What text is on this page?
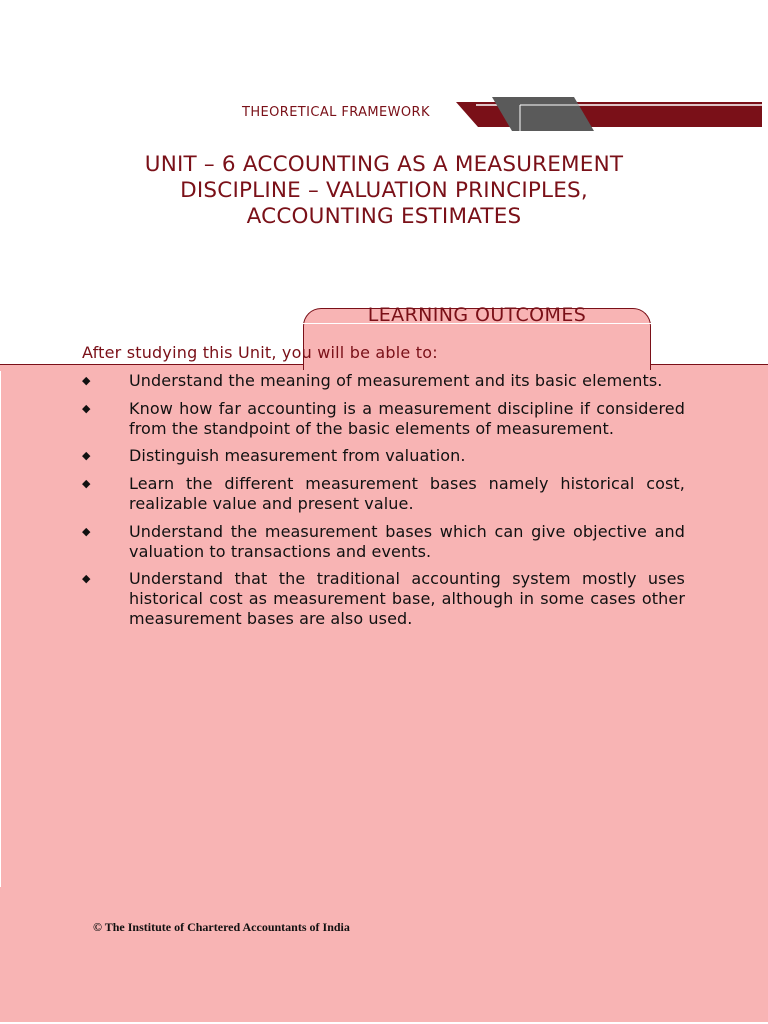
THEORETICAL FRAMEWORK
UNIT – 6 ACCOUNTING AS A MEASUREMENT
DISCIPLINE – VALUATION PRINCIPLES,
ACCOUNTING ESTIMATES
LEARNING OUTCOMES
After studying this Unit, you will be able to:
◆ Understand the meaning of measurement and its basic elements.
◆ Know how far accounting is a measurement discipline if considered from the standpoint of the basic elements of measurement.
◆ Distinguish measurement from valuation.
◆ Learn the different measurement bases namely historical cost, realizable value and present value.
◆ Understand the measurement bases which can give objective and valuation to transactions and events.
◆ Understand that the traditional accounting system mostly uses historical cost as measurement base, although in some cases other measurement bases are also used.
© The Institute of Chartered Accountants of India
